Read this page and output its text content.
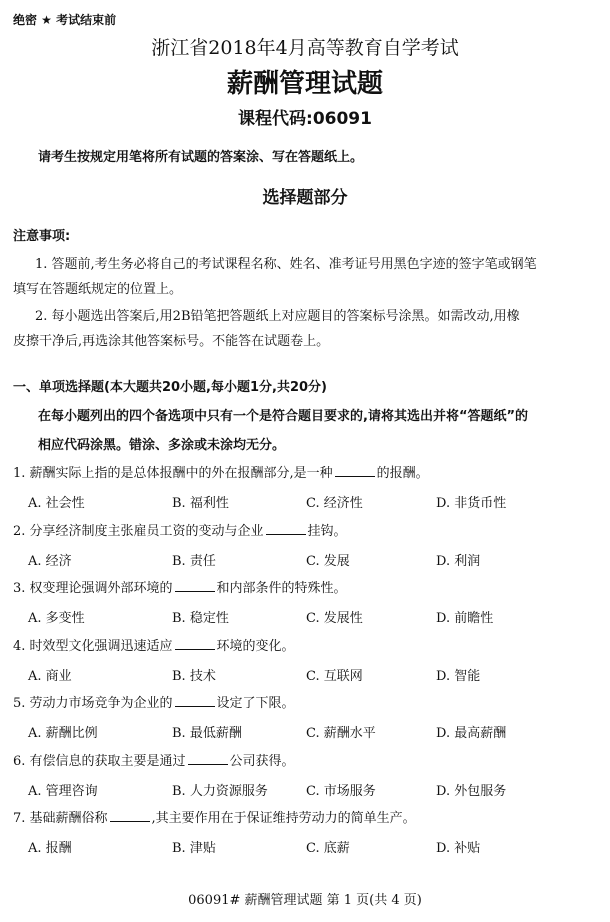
绝密 ★ 考试结束前
浙江省2018年4月高等教育自学考试
薪酬管理试题
课程代码:06091
请考生按规定用笔将所有试题的答案涂、写在答题纸上。
选择题部分
注意事项:
1. 答题前,考生务必将自己的考试课程名称、姓名、准考证号用黑色字迹的签字笔或钢笔
填写在答题纸规定的位置上。
2. 每小题选出答案后,用2B铅笔把答题纸上对应题目的答案标号涂黑。如需改动,用橡
皮擦干净后,再选涂其他答案标号。不能答在试题卷上。
一、单项选择题(本大题共20小题,每小题1分,共20分)
在每小题列出的四个备选项中只有一个是符合题目要求的,请将其选出并将“答题纸”的
相应代码涂黑。错涂、多涂或未涂均无分。
1. 薪酬实际上指的是总体报酬中的外在报酬部分,是一种	的报酬。
A. 社会性	B. 福利性	C. 经济性	D. 非货币性
2. 分享经济制度主张雇员工资的变动与企业	挂钩。
A. 经济	B. 责任	C. 发展	D. 利润
3. 权变理论强调外部环境的	和内部条件的特殊性。
A. 多变性	B. 稳定性	C. 发展性	D. 前瞻性
4. 时效型文化强调迅速适应	环境的变化。
A. 商业	B. 技术	C. 互联网	D. 智能
5. 劳动力市场竞争为企业的	设定了下限。
A. 薪酬比例	B. 最低薪酬	C. 薪酬水平	D. 最高薪酬
6. 有偿信息的获取主要是通过	公司获得。
A. 管理咨询	B. 人力资源服务	C. 市场服务	D. 外包服务
7. 基础薪酬俗称	,其主要作用在于保证维持劳动力的简单生产。
A. 报酬	B. 津贴	C. 底薪	D. 补贴
06091# 薪酬管理试题 第 1 页(共 4 页)
